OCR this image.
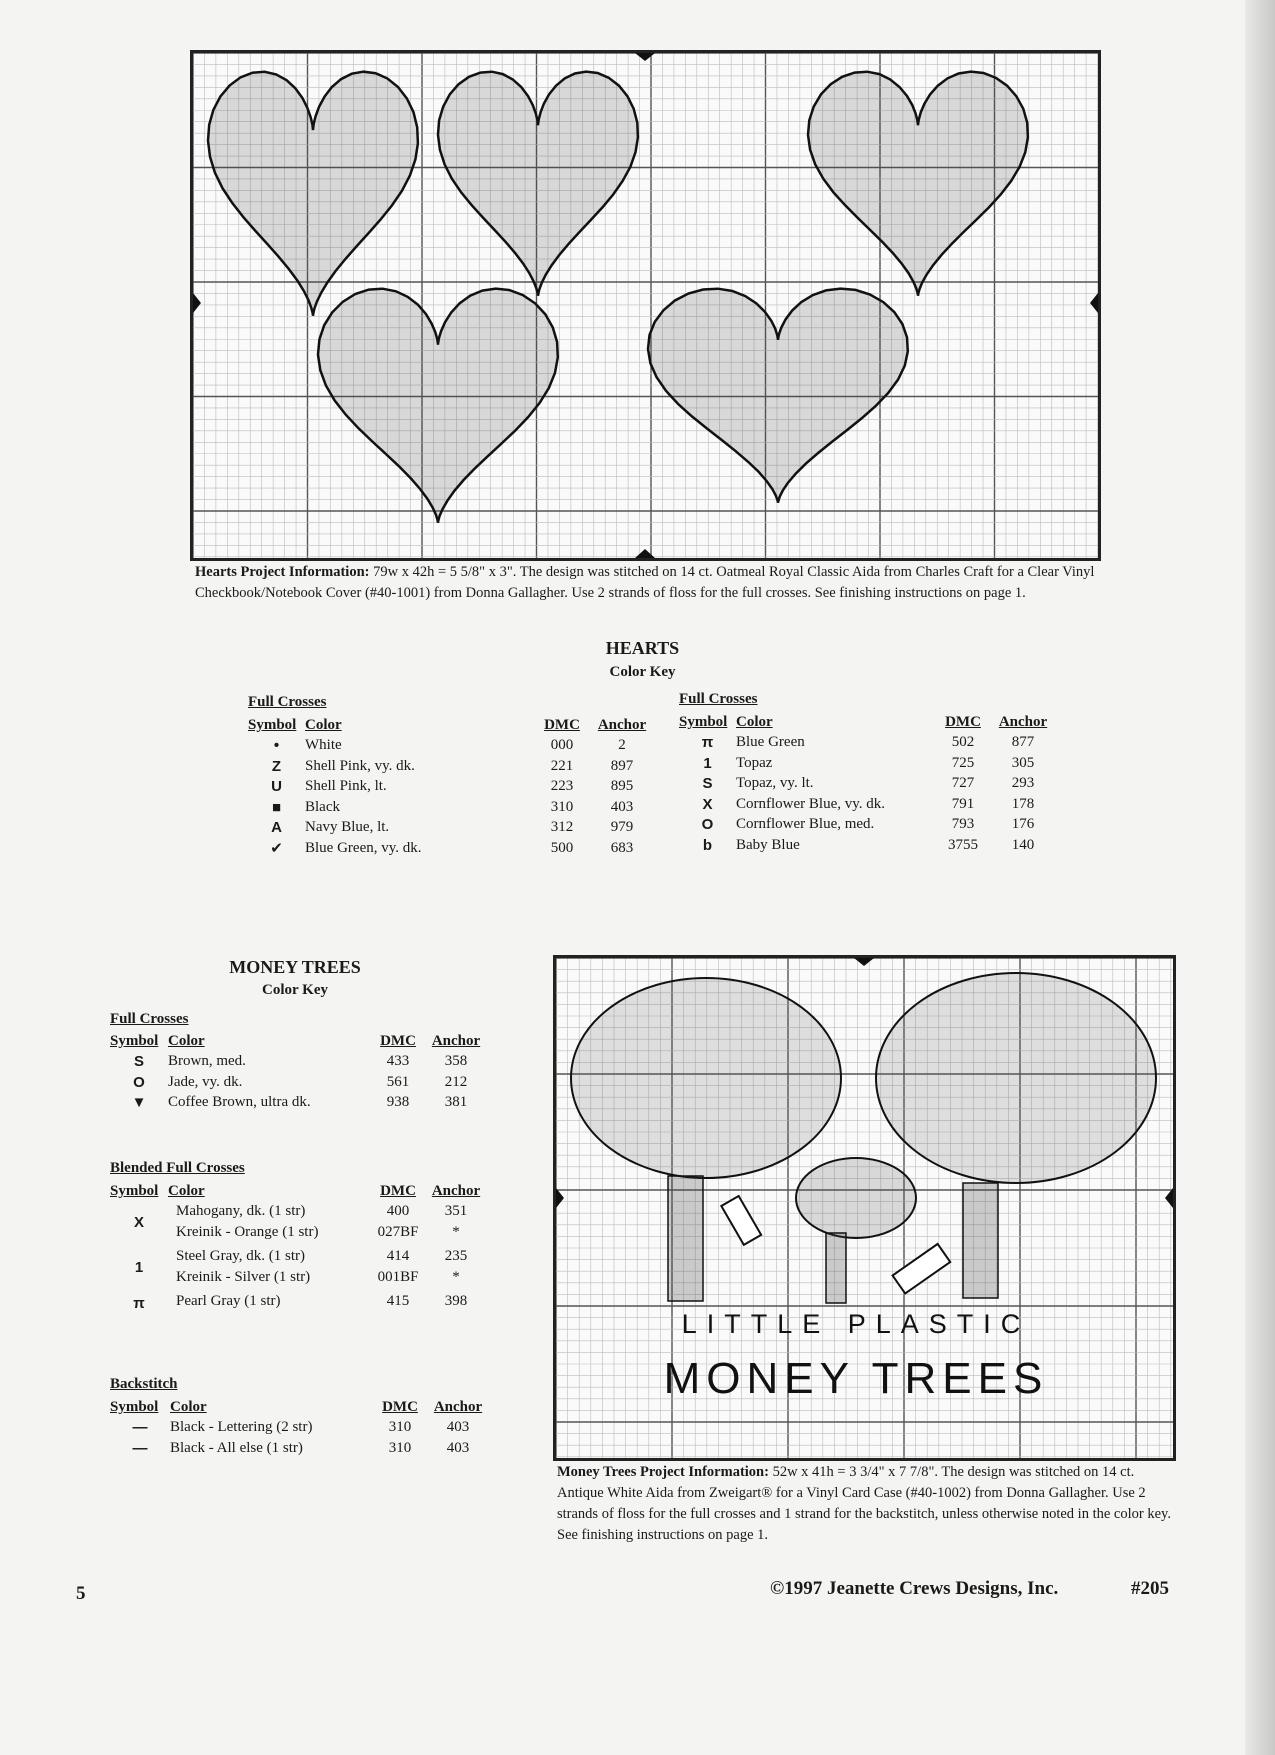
Hearts Project Information: 79w x 42h = 5 5/8" x 3". The design was stitched on 14 ct. Oatmeal Royal Classic Aida from Charles Craft for a Clear Vinyl Checkbook/Notebook Cover (#40-1001) from Donna Gallagher. Use 2 strands of floss for the full crosses. See finishing instructions on page 1.
HEARTS
Color Key
Full Crosses
Symbol	Color	DMC	Anchor
•	White	000	2
Z	Shell Pink, vy. dk.	221	897
U	Shell Pink, lt.	223	895
■	Black	310	403
A	Navy Blue, lt.	312	979
✔	Blue Green, vy. dk.	500	683
Full Crosses
Symbol	Color	DMC	Anchor
π	Blue Green	502	877
1	Topaz	725	305
S	Topaz, vy. lt.	727	293
X	Cornflower Blue, vy. dk.	791	178
O	Cornflower Blue, med.	793	176
b	Baby Blue	3755	140
MONEY TREES
Color Key
Full Crosses
Symbol	Color	DMC	Anchor
S	Brown, med.	433	358
O	Jade, vy. dk.	561	212
▼	Coffee Brown, ultra dk.	938	381
Blended Full Crosses
Symbol	Color	DMC	Anchor
X	Mahogany, dk. (1 str)	400	351
	Kreinik - Orange (1 str)	027BF	*

1	Steel Gray, dk. (1 str)	414	235
	Kreinik - Silver (1 str)	001BF	*

π	Pearl Gray (1 str)	415	398
Backstitch
Symbol	Color	DMC	Anchor
—	Black - Lettering (2 str)	310	403
—	Black - All else (1 str)	310	403
LITTLE PLASTIC
MONEY TREES
Money Trees Project Information: 52w x 41h = 3 3/4" x 7 7/8". The design was stitched on 14 ct. Antique White Aida from Zweigart® for a Vinyl Card Case (#40-1002) from Donna Gallagher. Use 2 strands of floss for the full crosses and 1 strand for the backstitch, unless otherwise noted in the color key. See finishing instructions on page 1.
5	©1997 Jeanette Crews Designs, Inc.	#205
